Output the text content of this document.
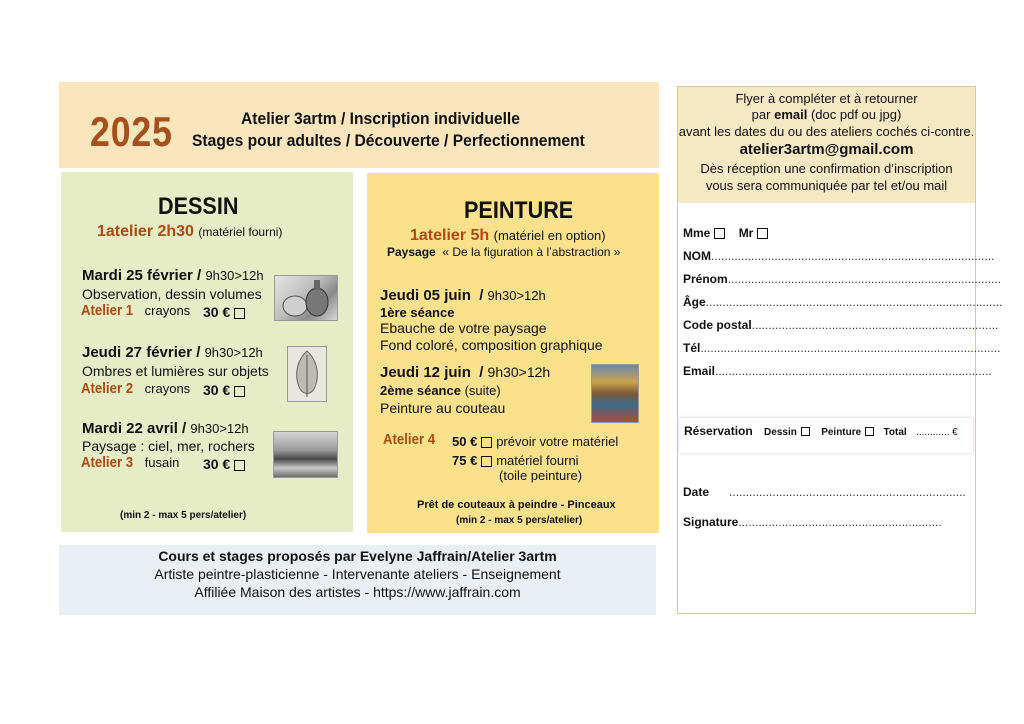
2025	Atelier 3artm / Inscription individuelle
Stages pour adultes / Découverte / Perfectionnement
DESSIN
1atelier 2h30 (matériel fourni)
Mardi 25 février / 9h30>12h
Observation, dessin volumes
Atelier 1 crayons 30 €
Jeudi 27 février / 9h30>12h
Ombres et lumières sur objets
Atelier 2 crayons 30 €
Mardi 22 avril / 9h30>12h
Paysage : ciel, mer, rochers
Atelier 3 fusain 30 €
(min 2 - max 5 pers/atelier)
PEINTURE
1atelier 5h (matériel en option)
Paysage « De la figuration à l’abstraction »
Jeudi 05 juin  / 9h30>12h
1ère séance
Ebauche de votre paysage
Fond coloré, composition graphique
Jeudi 12 juin  / 9h30>12h
2ème séance (suite)
Peinture au couteau
Atelier 4	50 € prévoir votre matériel
75 € matériel fourni
(toile peinture)
Prêt de couteaux à peindre - Pinceaux
(min 2 - max 5 pers/atelier)
Cours et stages proposés par Evelyne Jaffrain/Atelier 3artm
Artiste peintre-plasticienne - Intervenante ateliers - Enseignement
Affiliée Maison des artistes - https://www.jaffrain.com
Flyer à compléter et à retourner
par email (doc pdf ou jpg)
avant les dates du ou des ateliers cochés ci-contre.
atelier3artm@gmail.com
Dès réception une confirmation d’inscription
vous sera communiquée par tel et/ou mail
Mme Mr
NOM.....................................................................................
Prénom..................................................................................
Âge.........................................................................................
Code postal..........................................................................
Tél..........................................................................................
Email...................................................................................
Réservation Dessin Peinture Total ............ €
Date      .......................................................................
Signature.............................................................
